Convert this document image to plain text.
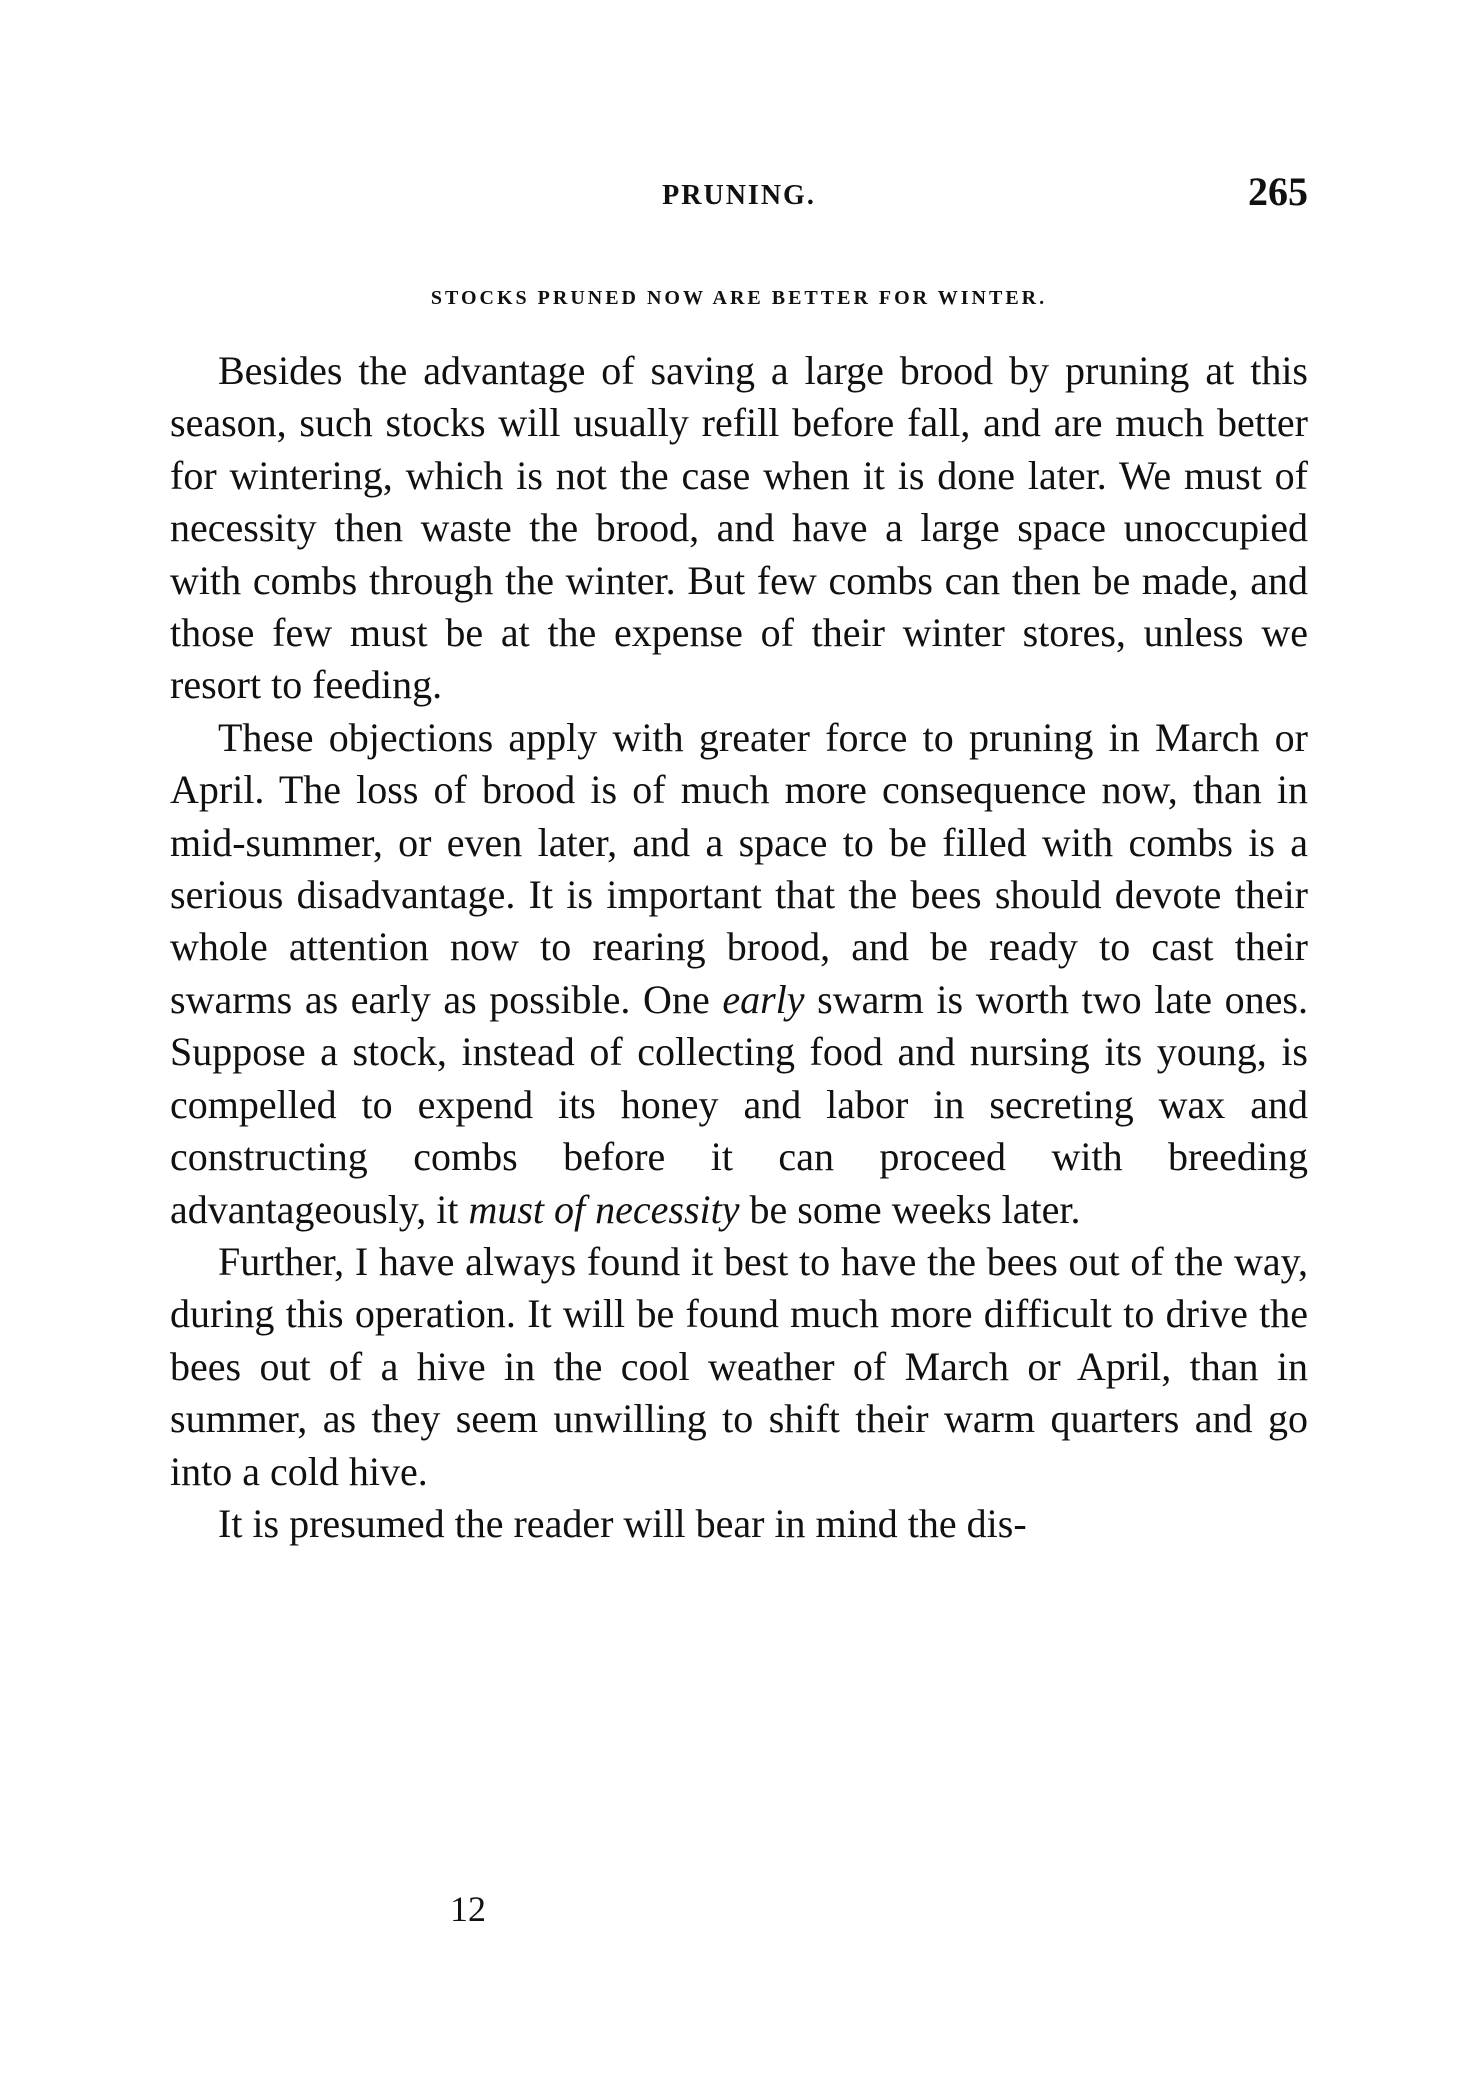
PRUNING.	265
STOCKS PRUNED NOW ARE BETTER FOR WINTER.

Besides the advantage of saving a large brood by pruning at this season, such stocks will usually refill before fall, and are much better for wintering, which is not the case when it is done later. We must of necessity then waste the brood, and have a large space unoccupied with combs through the winter. But few combs can then be made, and those few must be at the expense of their winter stores, unless we resort to feeding.

These objections apply with greater force to pruning in March or April. The loss of brood is of much more consequence now, than in mid-summer, or even later, and a space to be filled with combs is a serious disadvantage. It is important that the bees should devote their whole attention now to rearing brood, and be ready to cast their swarms as early as possible. One early swarm is worth two late ones. Suppose a stock, instead of collecting food and nursing its young, is compelled to expend its honey and labor in secreting wax and constructing combs before it can proceed with breeding advantageously, it must of necessity be some weeks later.

Further, I have always found it best to have the bees out of the way, during this operation. It will be found much more difficult to drive the bees out of a hive in the cool weather of March or April, than in summer, as they seem unwilling to shift their warm quarters and go into a cold hive.

It is presumed the reader will bear in mind the dis-

12
